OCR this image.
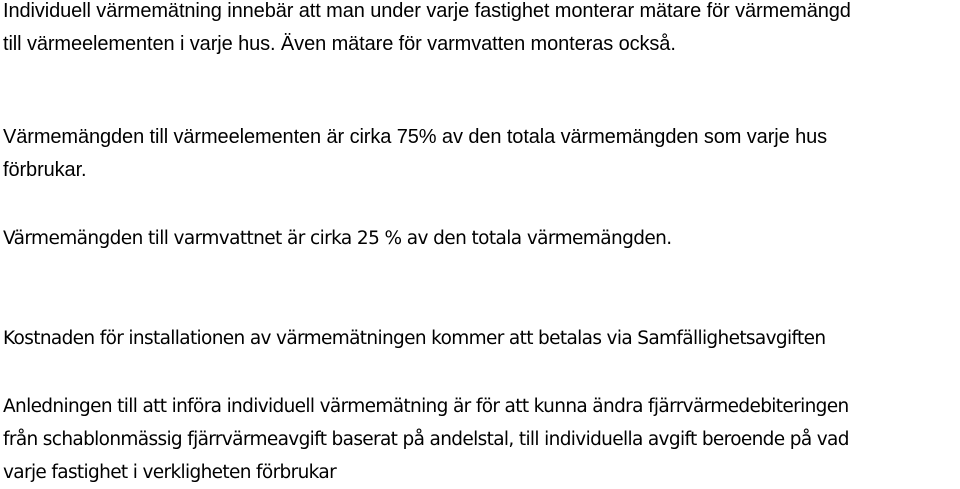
Individuell värmemätning innebär att man under varje fastighet monterar mätare för värmemängd
till värmeelementen i varje hus. Även mätare för varmvatten monteras också.

Värmemängden till värmeelementen är cirka 75% av den totala värmemängden som varje hus
förbrukar.

Värmemängden till varmvattnet är cirka 25 % av den totala värmemängden.

Kostnaden för installationen av värmemätningen kommer att betalas via Samfällighetsavgiften

Anledningen till att införa individuell värmemätning är för att kunna ändra fjärrvärmedebiteringen
från schablonmässig fjärrvärmeavgift baserat på andelstal, till individuella avgift beroende på vad
varje fastighet i verkligheten förbrukar
